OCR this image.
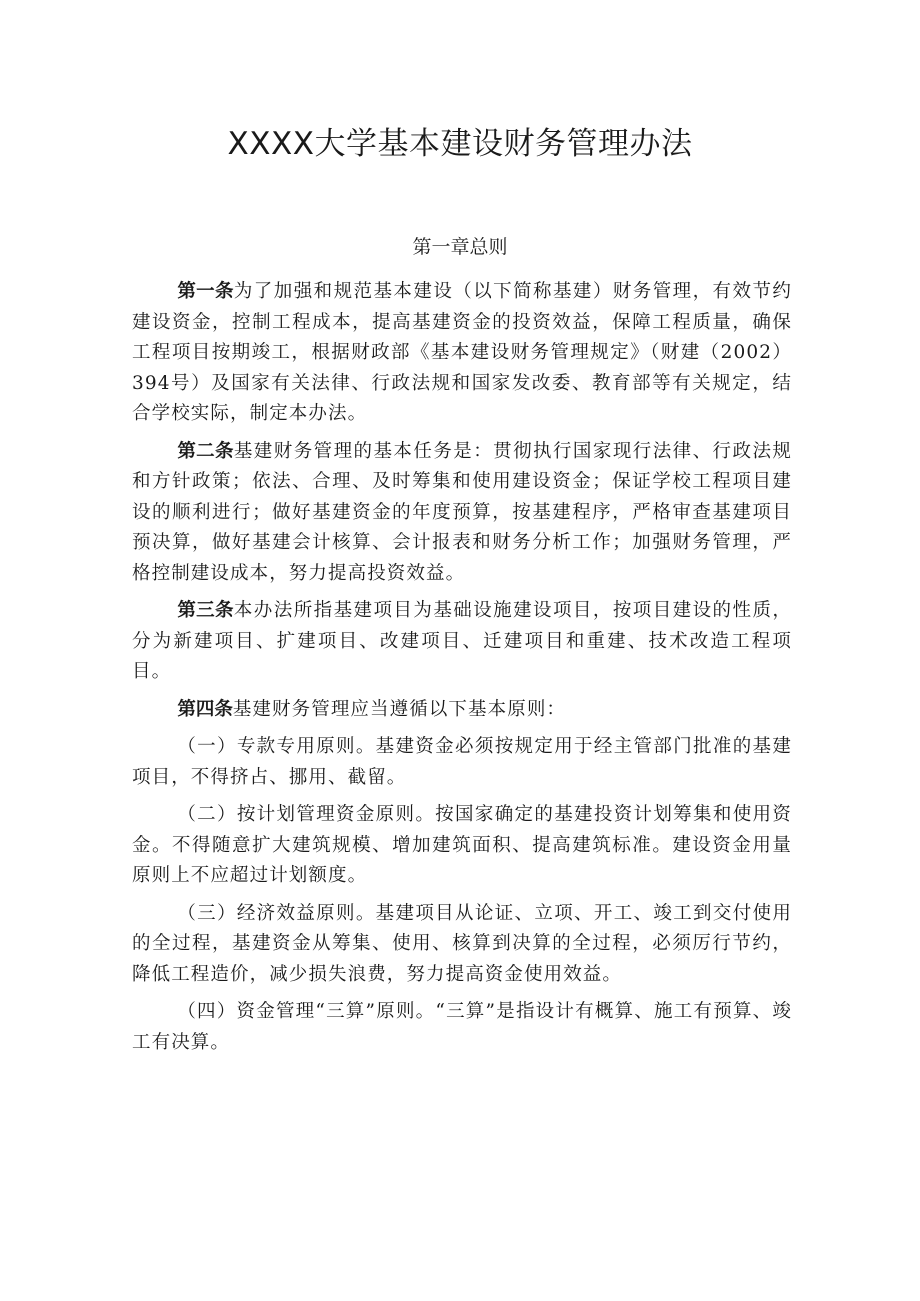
XXXX大学基本建设财务管理办法
第一章总则

第一条为了加强和规范基本建设（以下简称基建）财务管理，有效节约建设资金，控制工程成本，提高基建资金的投资效益，保障工程质量，确保工程项目按期竣工，根据财政部《基本建设财务管理规定》（财建（2002）394号）及国家有关法律、行政法规和国家发改委、教育部等有关规定，结合学校实际，制定本办法。

第二条基建财务管理的基本任务是：贯彻执行国家现行法律、行政法规和方针政策；依法、合理、及时筹集和使用建设资金；保证学校工程项目建设的顺利进行；做好基建资金的年度预算，按基建程序，严格审查基建项目预决算，做好基建会计核算、会计报表和财务分析工作；加强财务管理，严格控制建设成本，努力提高投资效益。

第三条本办法所指基建项目为基础设施建设项目，按项目建设的性质，分为新建项目、扩建项目、改建项目、迁建项目和重建、技术改造工程项目。

第四条基建财务管理应当遵循以下基本原则：

（一）专款专用原则。基建资金必须按规定用于经主管部门批准的基建项目，不得挤占、挪用、截留。

（二）按计划管理资金原则。按国家确定的基建投资计划筹集和使用资金。不得随意扩大建筑规模、增加建筑面积、提高建筑标准。建设资金用量原则上不应超过计划额度。

（三）经济效益原则。基建项目从论证、立项、开工、竣工到交付使用的全过程，基建资金从筹集、使用、核算到决算的全过程，必须厉行节约，降低工程造价，减少损失浪费，努力提高资金使用效益。

（四）资金管理“三算”原则。“三算”是指设计有概算、施工有预算、竣工有决算。
